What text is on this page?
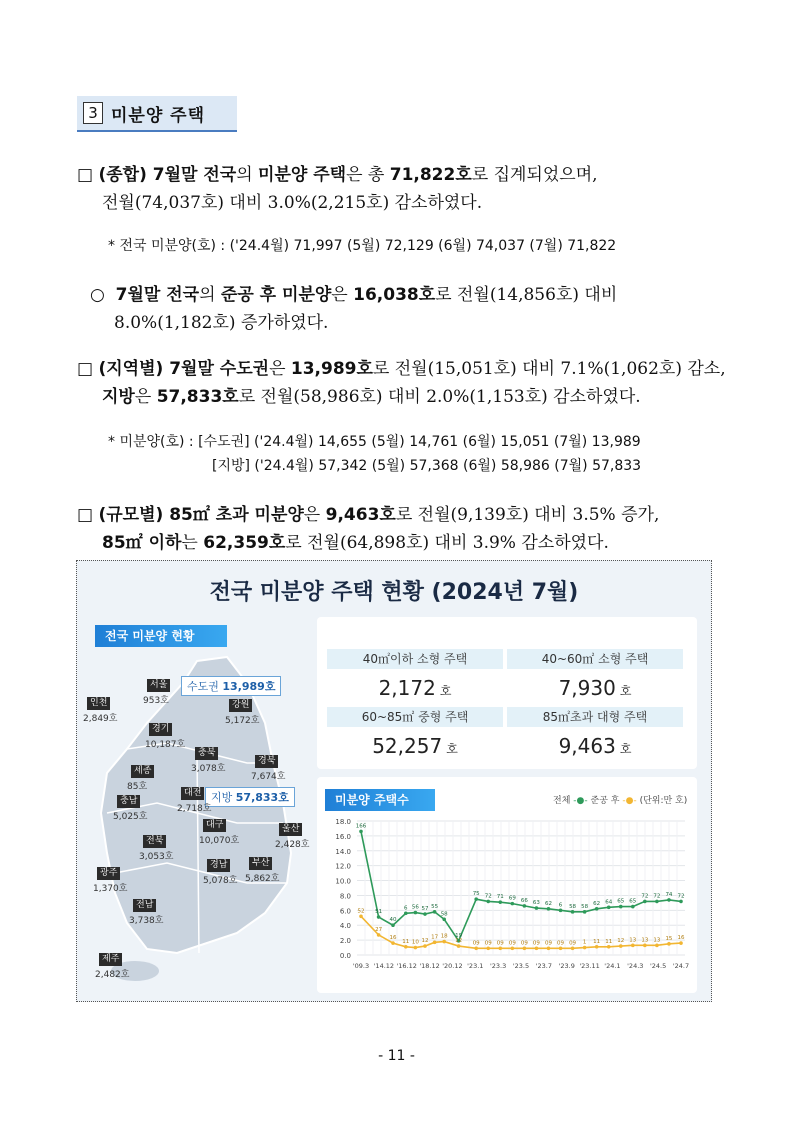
3 미분양 주택
□ (종합) 7월말 전국의 미분양 주택은 총 71,822호로 집계되었으며,
전월(74,037호) 대비 3.0%(2,215호) 감소하였다.
* 전국 미분양(호) : ('24.4월) 71,997 (5월) 72,129 (6월) 74,037 (7월) 71,822
○ 7월말 전국의 준공 후 미분양은 16,038호로 전월(14,856호) 대비
8.0%(1,182호) 증가하였다.
□ (지역별) 7월말 수도권은 13,989호로 전월(15,051호) 대비 7.1%(1,062호) 감소,
지방은 57,833호로 전월(58,986호) 대비 2.0%(1,153호) 감소하였다.
* 미분양(호) : [수도권] ('24.4월) 14,655 (5월) 14,761 (6월) 15,051 (7월) 13,989
[지방] ('24.4월) 57,342 (5월) 57,368 (6월) 58,986 (7월) 57,833
□ (규모별) 85㎡ 초과 미분양은 9,463호로 전월(9,139호) 대비 3.5% 증가,
85㎡ 이하는 62,359호로 전월(64,898호) 대비 3.9% 감소하였다.
전국 미분양 주택 현황 (2024년 7월)
전국 미분양 현황
수도권 13,989호
지방 57,833호
서울
953호
인천
2,849호
경기
10,187호
강원
5,172호
충북
3,078호
세종
85호
경북
7,674호
대전
2,718호
충남
5,025호
대구
10,070호
울산
2,428호
전북
3,053호
경남
5,078호
부산
5,862호
광주
1,370호
전남
3,738호
제주
2,482호
40㎡이하 소형 주택
2,172 호
40~60㎡ 소형 주택
7,930 호
60~85㎡ 중형 주택
52,257 호
85㎡초과 대형 주택
9,463 호
미분양 주택수	전체 -●- 준공 후 -●- (단위:만 호)
0.0
2.0
4.0
6.0
8.0
10.0
12.0
14.0
16.0
18.0
'09.3 '14.12 '16.12 '18.12 '20.12 '23.1 '23.3 '23.5 '23.7 '23.9 '23.11 '24.1 '24.3 '24.5 '24.7
166
51
40
6 56 57 55
58
19
75 72 71 69 66 63 62 6 58 58 62 64 65 65
72 72 74 72
52
27
16
11 10 12
17 18
12 09 09 09 09 09 09 09 09 09 1 11 11 12 13 13 13 15 16
- 11 -
